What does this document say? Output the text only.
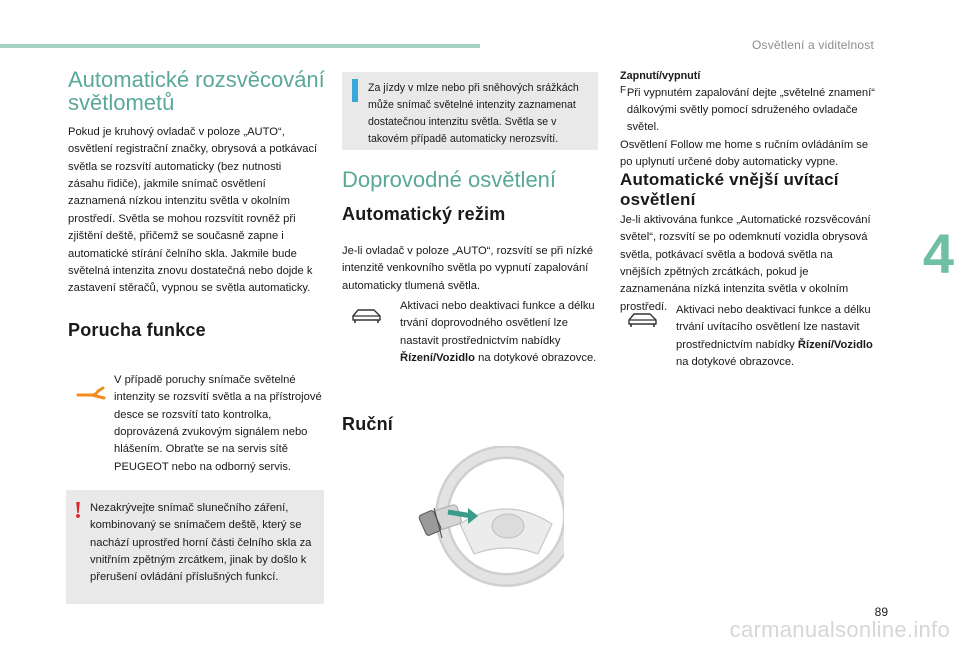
Osvětlení a viditelnost
4
89
carmanualsonline.info
Automatické rozsvěcování světlometů

Pokud je kruhový ovladač v poloze „AUTO“, osvětlení registrační značky, obrysová a potkávací světla se rozsvítí automaticky (bez nutnosti zásahu řidiče), jakmile snímač osvětlení zaznamená nízkou intenzitu světla v okolním prostředí. Světla se mohou rozsvítit rovněž při zjištění deště, přičemž se současně zapne i automatické stírání čelního skla. Jakmile bude světelná intenzita znovu dostatečná nebo dojde k zastavení stěračů, vypnou se světla automaticky.

Porucha funkce

V případě poruchy snímače světelné intenzity se rozsvítí světla a na přístrojové desce se rozsvítí tato kontrolka, doprovázená zvukovým signálem nebo hlášením. Obraťte se na servis sítě PEUGEOT nebo na odborný servis.

! Nezakrývejte snímač slunečního záření, kombinovaný se snímačem deště, který se nachází uprostřed horní části čelního skla za vnitřním zpětným zrcátkem, jinak by došlo k přerušení ovládání příslušných funkcí.

Za jízdy v mlze nebo při sněhových srážkách může snímač světelné intenzity zaznamenat dostatečnou intenzitu světla. Světla se v takovém případě automaticky nerozsvítí.

Doprovodné osvětlení
Automatický režim

Je-li ovladač v poloze „AUTO“, rozsvítí se při nízké intenzitě venkovního světla po vypnutí zapalování automaticky tlumená světla.

Aktivaci nebo deaktivaci funkce a délku trvání doprovodného osvětlení lze nastavit prostřednictvím nabídky Řízení/Vozidlo na dotykové obrazovce.

Ruční

Zapnutí/vypnutí

F Při vypnutém zapalování dejte „světelné znamení“ dálkovými světly pomocí sdruženého ovladače světel.

Osvětlení Follow me home s ručním ovládáním se po uplynutí určené doby automaticky vypne.

Automatické vnější uvítací osvětlení

Je-li aktivována funkce „Automatické rozsvěcování světel“, rozsvítí se po odemknutí vozidla obrysová světla, potkávací světla a bodová světla na vnějších zpětných zrcátkách, pokud je zaznamenána nízká intenzita světla v okolním prostředí. Aktivaci nebo deaktivaci funkce a délku trvání uvítacího osvětlení lze nastavit prostřednictvím nabídky Řízení/Vozidlo na dotykové obrazovce.
